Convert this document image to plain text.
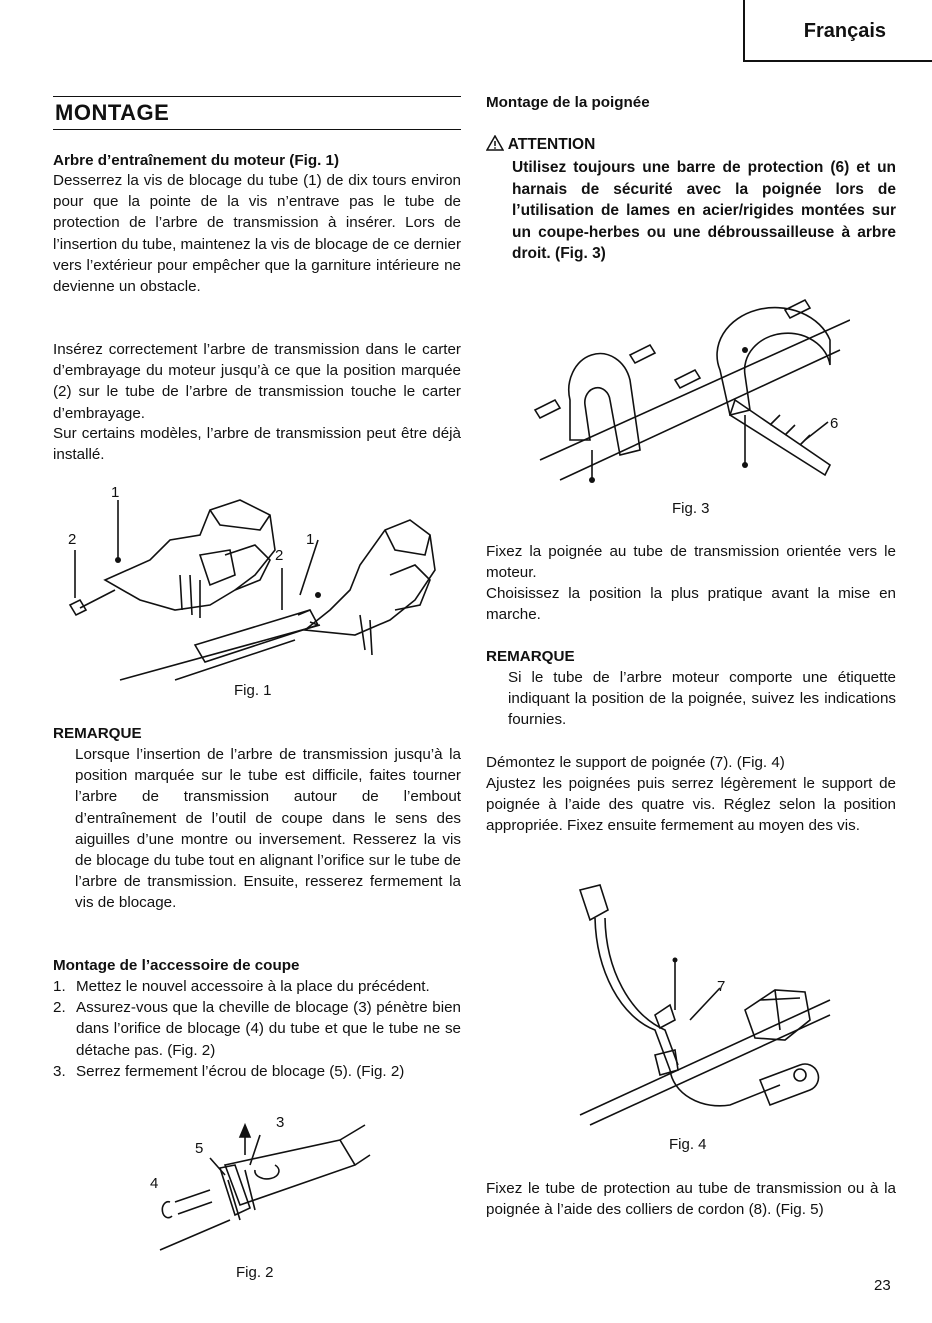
Français
MONTAGE
Arbre d’entraînement du moteur (Fig. 1)
Desserrez la vis de blocage du tube (1) de dix tours environ pour que la pointe de la vis n’entrave pas le tube de protection de l’arbre de transmission à insérer. Lors de l’insertion du tube, maintenez la vis de blocage de ce dernier vers l’extérieur pour empêcher que la garniture intérieure ne devienne un obstacle.
Insérez correctement l’arbre de transmission dans le carter d’embrayage du moteur jusqu’à ce que la position marquée (2) sur le tube de l’arbre de transmission touche le carter d’embrayage.
Sur certains modèles, l’arbre de transmission peut être déjà installé.
1
2
2
1
Fig. 1
REMARQUE
Lorsque l’insertion de l’arbre de transmission jusqu’à la position marquée sur le tube est difficile, faites tourner l’arbre de transmission autour de l’embout d’entraînement de l’outil de coupe dans le sens des aiguilles d’une montre ou inversement. Resserez la vis de blocage du tube tout en alignant l’orifice sur le tube de l’arbre de transmission. Ensuite, resserez fermement la vis de blocage.
Montage de l’accessoire de coupe
1. Mettez le nouvel accessoire à la place du précédent.
2. Assurez-vous que la cheville de blocage (3) pénètre bien dans l’orifice de blocage (4) du tube et que le tube ne se détache pas. (Fig. 2)
3. Serrez fermement l’écrou de blocage (5). (Fig. 2)
3
5
4
Fig. 2
Montage de la poignée
ATTENTION
Utilisez toujours une barre de protection (6) et un harnais de sécurité avec la poignée lors de l’utilisation de lames en acier/rigides montées sur un coupe-herbes ou une débroussailleuse à arbre droit. (Fig. 3)
6
Fig. 3
Fixez la poignée au tube de transmission orientée vers le moteur.
Choisissez la position la plus pratique avant la mise en marche.
REMARQUE
Si le tube de l’arbre moteur comporte une étiquette indiquant la position de la poignée, suivez les indications fournies.
Démontez le support de poignée (7). (Fig. 4)
Ajustez les poignées puis serrez légèrement le support de poignée à l’aide des quatre vis. Réglez selon la position appropriée. Fixez ensuite fermement au moyen des vis.
7
Fig. 4
Fixez le tube de protection au tube de transmission ou à la poignée à l’aide des colliers de cordon (8). (Fig. 5)
23
